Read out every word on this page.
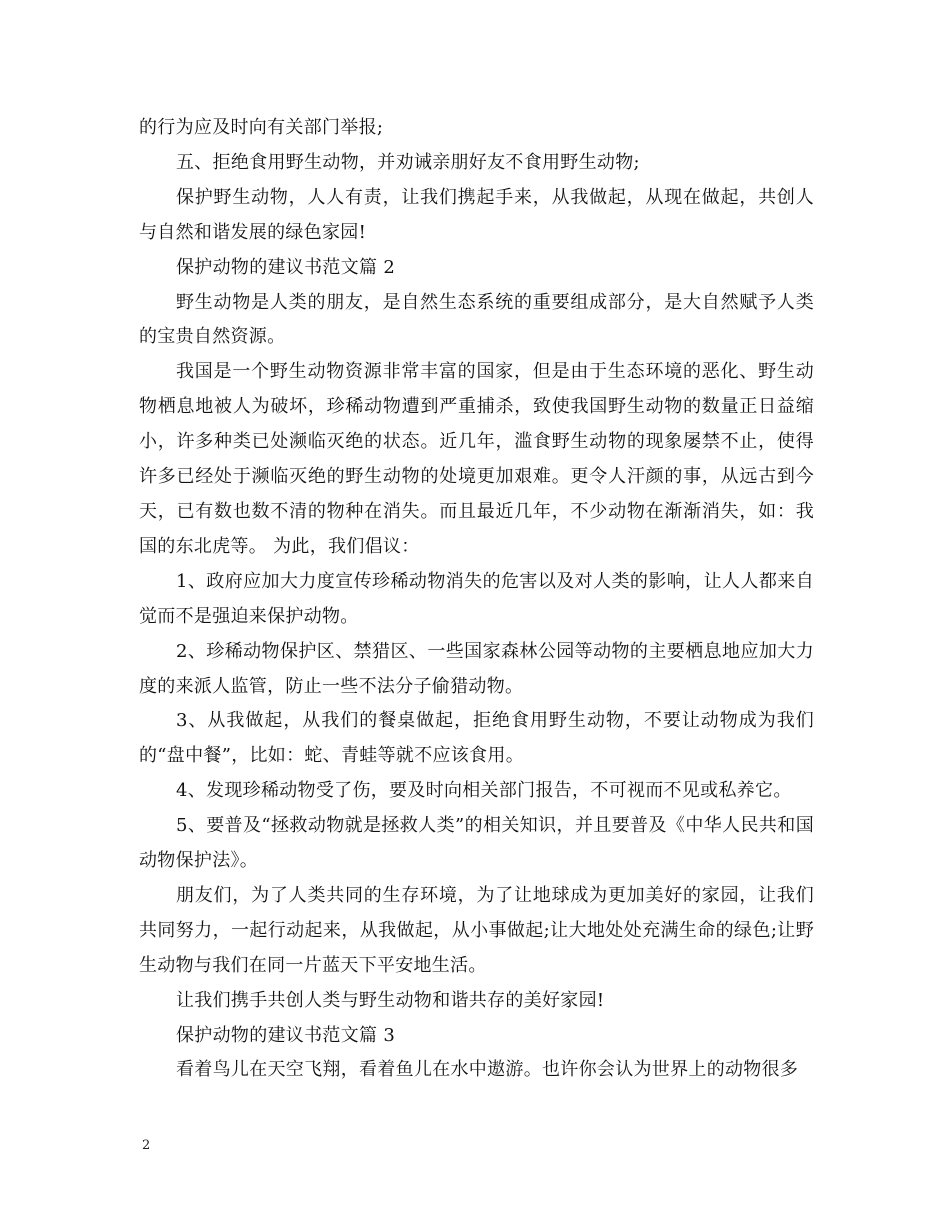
的行为应及时向有关部门举报;

五、拒绝食用野生动物，并劝诫亲朋好友不食用野生动物;

保护野生动物，人人有责，让我们携起手来，从我做起，从现在做起，共创人与自然和谐发展的绿色家园!

保护动物的建议书范文篇 2

野生动物是人类的朋友，是自然生态系统的重要组成部分，是大自然赋予人类的宝贵自然资源。

我国是一个野生动物资源非常丰富的国家，但是由于生态环境的恶化、野生动物栖息地被人为破坏，珍稀动物遭到严重捕杀，致使我国野生动物的数量正日益缩小，许多种类已处濒临灭绝的状态。近几年，滥食野生动物的现象屡禁不止，使得许多已经处于濒临灭绝的野生动物的处境更加艰难。更令人汗颜的事，从远古到今天，已有数也数不清的物种在消失。而且最近几年，不少动物在渐渐消失，如：我国的东北虎等。 为此，我们倡议：

1、政府应加大力度宣传珍稀动物消失的危害以及对人类的影响，让人人都来自觉而不是强迫来保护动物。

2、珍稀动物保护区、禁猎区、一些国家森林公园等动物的主要栖息地应加大力度的来派人监管，防止一些不法分子偷猎动物。

3、从我做起，从我们的餐桌做起，拒绝食用野生动物，不要让动物成为我们的“盘中餐”，比如：蛇、青蛙等就不应该食用。

4、发现珍稀动物受了伤，要及时向相关部门报告，不可视而不见或私养它。

5、要普及“拯救动物就是拯救人类”的相关知识，并且要普及《中华人民共和国动物保护法》。

朋友们，为了人类共同的生存环境，为了让地球成为更加美好的家园，让我们共同努力，一起行动起来，从我做起，从小事做起;让大地处处充满生命的绿色;让野生动物与我们在同一片蓝天下平安地生活。

让我们携手共创人类与野生动物和谐共存的美好家园!

保护动物的建议书范文篇 3

看着鸟儿在天空飞翔，看着鱼儿在水中遨游。也许你会认为世界上的动物很多

2
